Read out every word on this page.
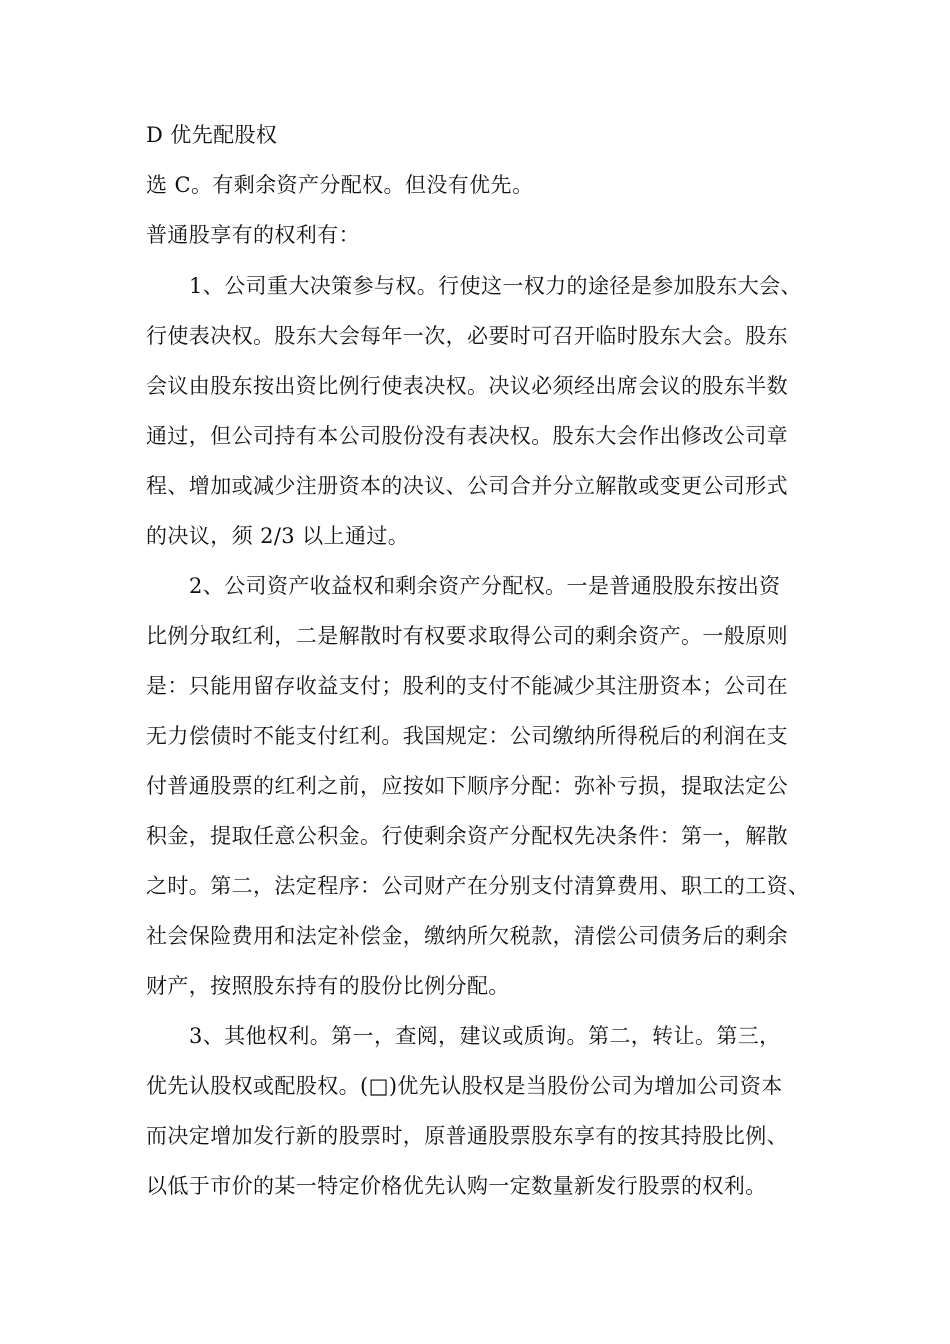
D 优先配股权
选 C。有剩余资产分配权。但没有优先。
普通股享有的权利有：
1、公司重大决策参与权。行使这一权力的途径是参加股东大会、
行使表决权。股东大会每年一次，必要时可召开临时股东大会。股东
会议由股东按出资比例行使表决权。决议必须经出席会议的股东半数
通过，但公司持有本公司股份没有表决权。股东大会作出修改公司章
程、增加或减少注册资本的决议、公司合并分立解散或变更公司形式
的决议，须 2/3 以上通过。
2、公司资产收益权和剩余资产分配权。一是普通股股东按出资
比例分取红利，二是解散时有权要求取得公司的剩余资产。一般原则
是：只能用留存收益支付；股利的支付不能减少其注册资本；公司在
无力偿债时不能支付红利。我国规定：公司缴纳所得税后的利润在支
付普通股票的红利之前，应按如下顺序分配：弥补亏损，提取法定公
积金，提取任意公积金。行使剩余资产分配权先决条件：第一，解散
之时。第二，法定程序：公司财产在分别支付清算费用、职工的工资、
社会保险费用和法定补偿金，缴纳所欠税款，清偿公司债务后的剩余
财产，按照股东持有的股份比例分配。
3、其他权利。第一，查阅，建议或质询。第二，转让。第三，
优先认股权或配股权。(□)优先认股权是当股份公司为增加公司资本
而决定增加发行新的股票时，原普通股票股东享有的按其持股比例、
以低于市价的某一特定价格优先认购一定数量新发行股票的权利。
